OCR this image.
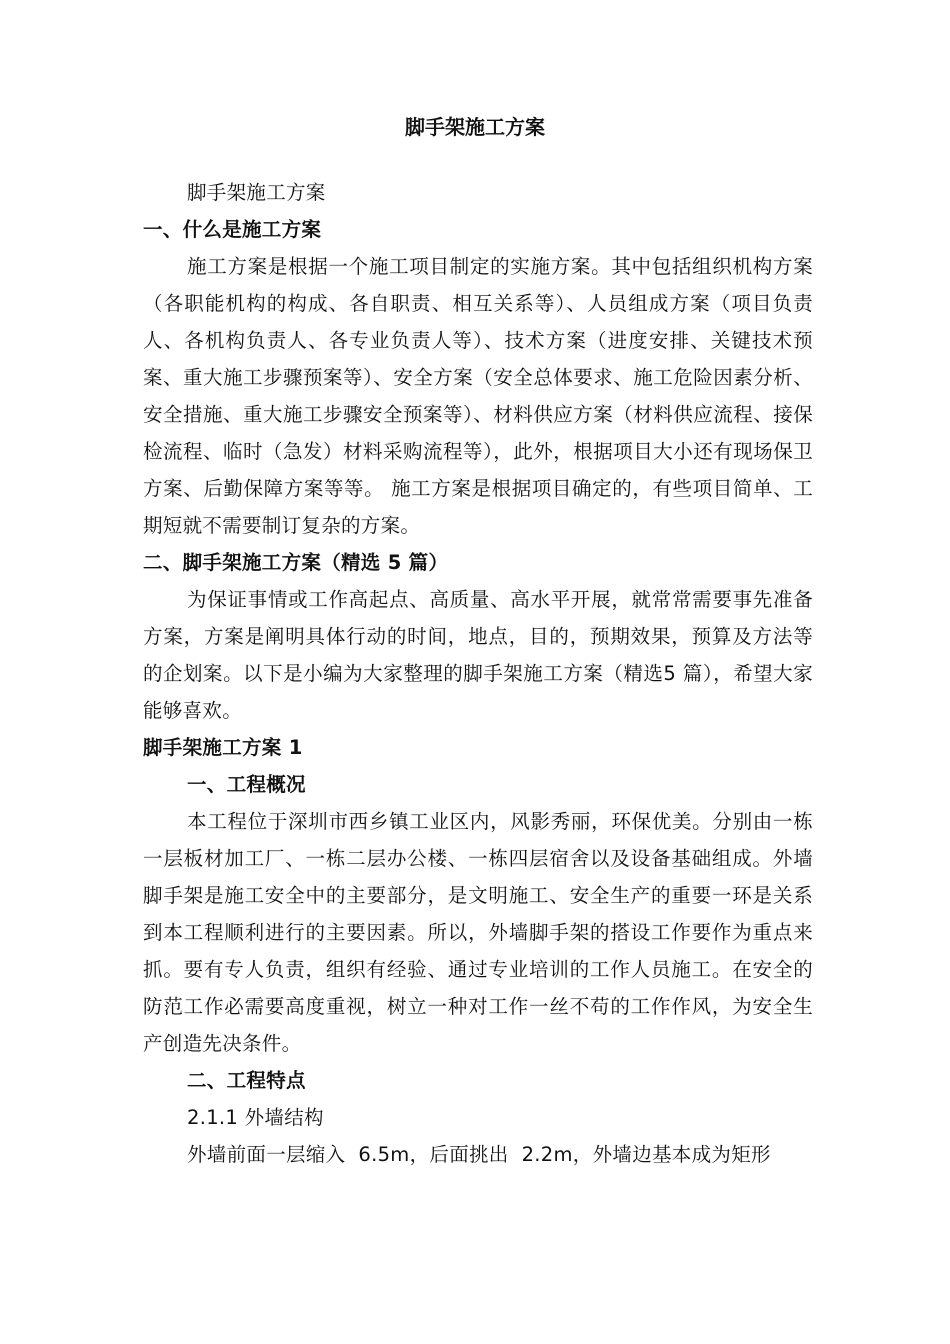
脚手架施工方案

脚手架施工方案

一、什么是施工方案

施工方案是根据一个施工项目制定的实施方案。其中包括组织机构方案（各职能机构的构成、各自职责、相互关系等）、人员组成方案（项目负责人、各机构负责人、各专业负责人等）、技术方案（进度安排、关键技术预案、重大施工步骤预案等）、安全方案（安全总体要求、施工危险因素分析、安全措施、重大施工步骤安全预案等）、材料供应方案（材料供应流程、接保检流程、临时（急发）材料采购流程等），此外，根据项目大小还有现场保卫方案、后勤保障方案等等。 施工方案是根据项目确定的，有些项目简单、工期短就不需要制订复杂的方案。

二、脚手架施工方案（精选 5 篇）

为保证事情或工作高起点、高质量、高水平开展，就常常需要事先准备方案，方案是阐明具体行动的时间，地点，目的，预期效果，预算及方法等的企划案。以下是小编为大家整理的脚手架施工方案（精选5 篇），希望大家能够喜欢。

脚手架施工方案 1

一、工程概况

本工程位于深圳市西乡镇工业区内，风影秀丽，环保优美。分别由一栋一层板材加工厂、一栋二层办公楼、一栋四层宿舍以及设备基础组成。外墙脚手架是施工安全中的主要部分，是文明施工、安全生产的重要一环是关系到本工程顺利进行的主要因素。所以，外墙脚手架的搭设工作要作为重点来抓。要有专人负责，组织有经验、通过专业培训的工作人员施工。在安全的防范工作必需要高度重视，树立一种对工作一丝不苟的工作作风，为安全生产创造先决条件。

二、工程特点

2.1.1 外墙结构

外墙前面一层缩入  6.5m，后面挑出  2.2m，外墙边基本成为矩形
